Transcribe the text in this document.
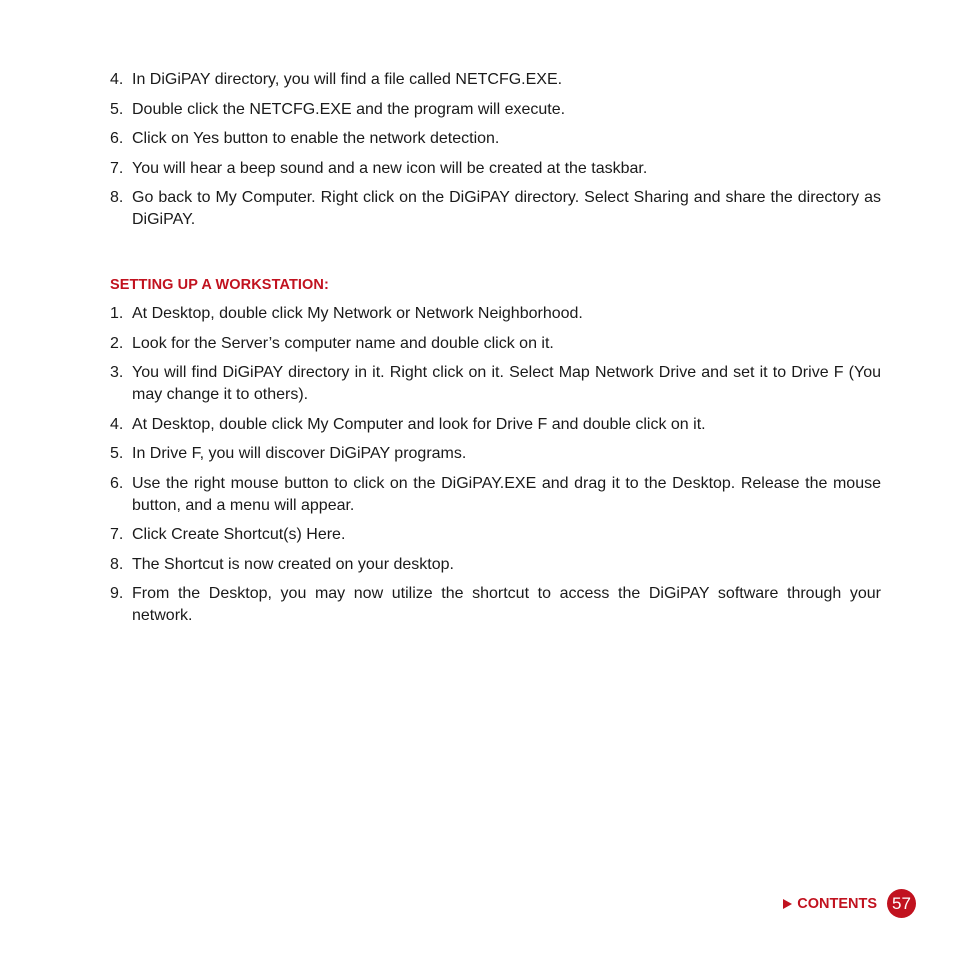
4. In DiGiPAY directory, you will find a file called NETCFG.EXE.
5. Double click the NETCFG.EXE and the program will execute.
6. Click on Yes button to enable the network detection.
7. You will hear a beep sound and a new icon will be created at the taskbar.
8. Go back to My Computer. Right click on the DiGiPAY directory. Select Sharing and share the directory as DiGiPAY.
SETTING UP A WORKSTATION:
1. At Desktop, double click My Network or Network Neighborhood.
2. Look for the Server’s computer name and double click on it.
3. You will find DiGiPAY directory in it. Right click on it. Select Map Network Drive and set it to Drive F (You may change it to others).
4. At Desktop, double click My Computer and look for Drive F and double click on it.
5. In Drive F, you will discover DiGiPAY programs.
6. Use the right mouse button to click on the DiGiPAY.EXE and drag it to the Desktop. Release the mouse button, and a menu will appear.
7. Click Create Shortcut(s) Here.
8. The Shortcut is now created on your desktop.
9. From the Desktop, you may now utilize the shortcut to access the DiGiPAY software through your network.
CONTENTS 57
